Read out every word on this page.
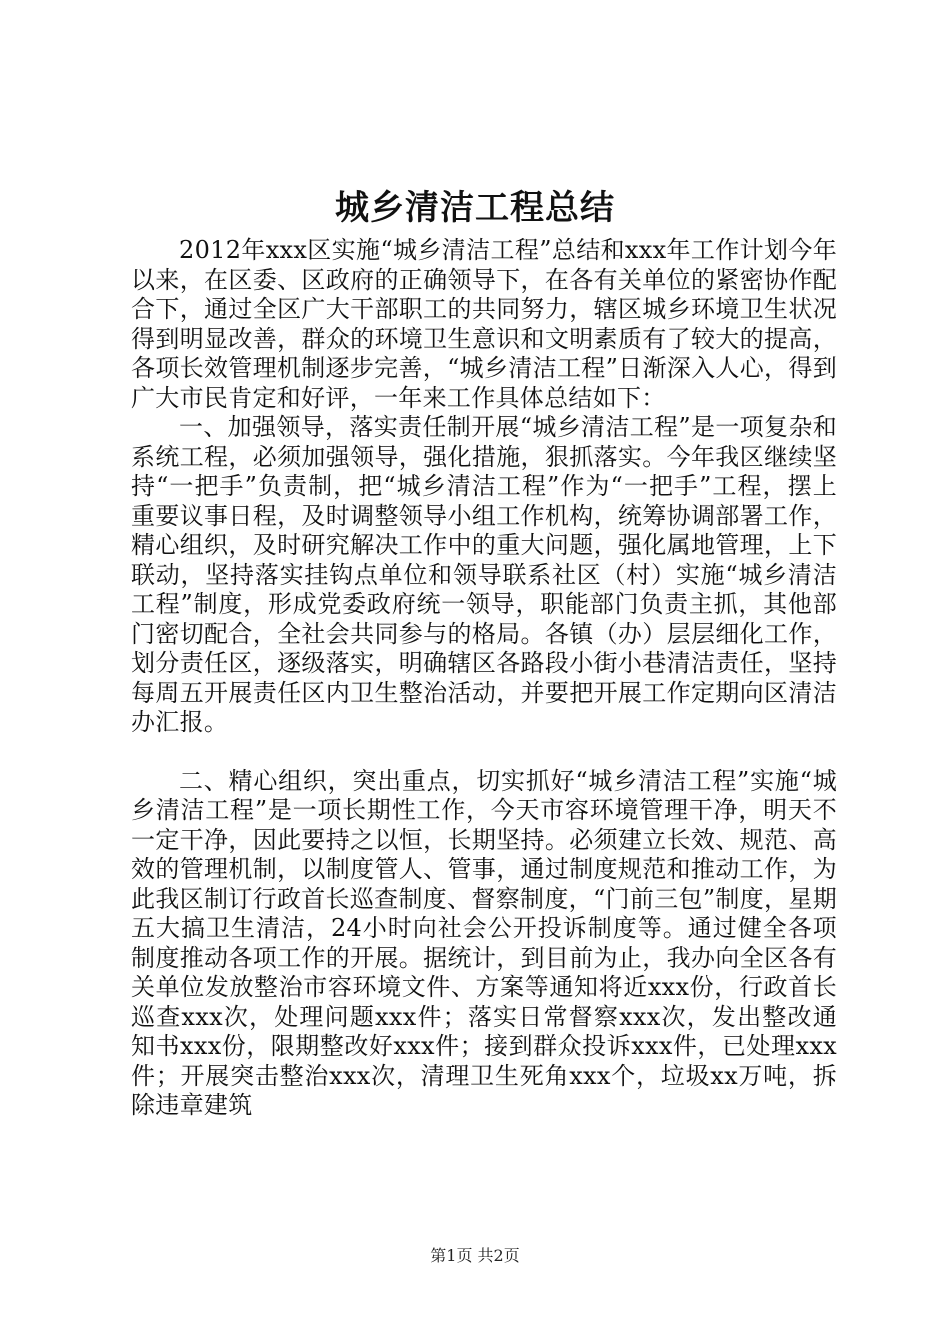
城乡清洁工程总结

2012年xxx区实施“城乡清洁工程”总结和xxx年工作计划今年以来，在区委、区政府的正确领导下，在各有关单位的紧密协作配合下，通过全区广大干部职工的共同努力，辖区城乡环境卫生状况得到明显改善，群众的环境卫生意识和文明素质有了较大的提高，各项长效管理机制逐步完善，“城乡清洁工程”日渐深入人心，得到广大市民肯定和好评，一年来工作具体总结如下：

一、加强领导，落实责任制开展“城乡清洁工程”是一项复杂和系统工程，必须加强领导，强化措施，狠抓落实。今年我区继续坚持“一把手”负责制，把“城乡清洁工程”作为“一把手”工程，摆上重要议事日程，及时调整领导小组工作机构，统筹协调部署工作，精心组织，及时研究解决工作中的重大问题，强化属地管理，上下联动，坚持落实挂钩点单位和领导联系社区（村）实施“城乡清洁工程”制度，形成党委政府统一领导，职能部门负责主抓，其他部门密切配合，全社会共同参与的格局。各镇（办）层层细化工作，划分责任区，逐级落实，明确辖区各路段小街小巷清洁责任，坚持每周五开展责任区内卫生整治活动，并要把开展工作定期向区清洁办汇报。

二、精心组织，突出重点，切实抓好“城乡清洁工程”实施“城乡清洁工程”是一项长期性工作，今天市容环境管理干净，明天不一定干净，因此要持之以恒，长期坚持。必须建立长效、规范、高效的管理机制，以制度管人、管事，通过制度规范和推动工作，为此我区制订行政首长巡查制度、督察制度，“门前三包”制度，星期五大搞卫生清洁，24小时向社会公开投诉制度等。通过健全各项制度推动各项工作的开展。据统计，到目前为止，我办向全区各有关单位发放整治市容环境文件、方案等通知将近xxx份，行政首长巡查xxx次，处理问题xxx件；落实日常督察xxx次，发出整改通知书xxx份，限期整改好xxx件；接到群众投诉xxx件，已处理xxx件；开展突击整治xxx次，清理卫生死角xxx个，垃圾xx万吨，拆除违章建筑

第1页 共2页
